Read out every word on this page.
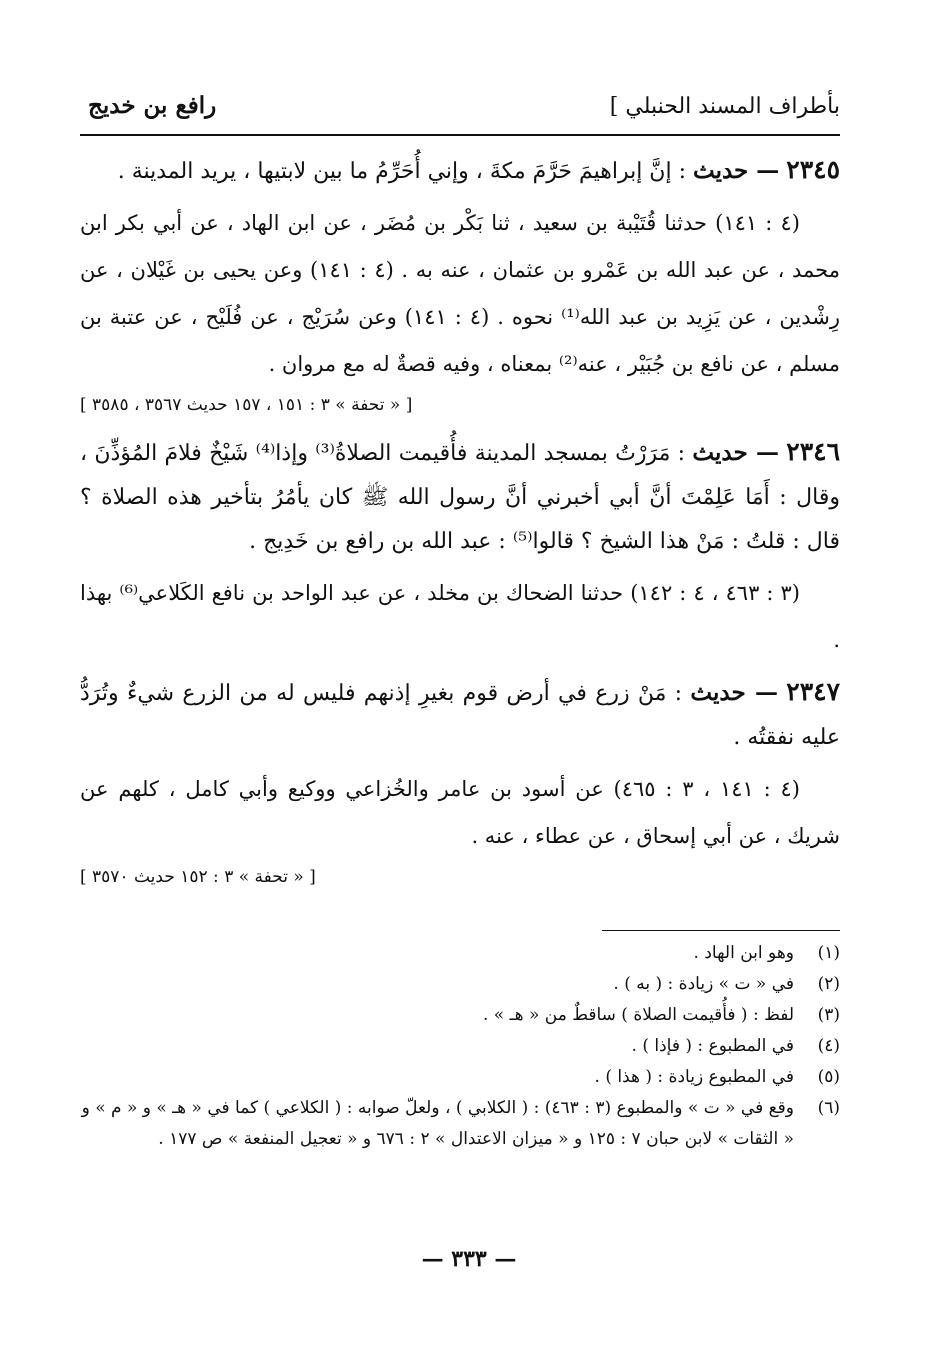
بأطراف المسند الحنبلي ]
رافع بن خديج

٢٣٤٥ — حديث : إنَّ إبراهيمَ حَرَّمَ مكةَ ، وإني أُحَرِّمُ ما بين لابتيها ، يريد المدينة .

(٤ : ١٤١) حدثنا قُتَيْبة بن سعيد ، ثنا بَكْر بن مُضَر ، عن ابن الهاد ، عن أبي بكر ابن محمد ، عن عبد الله بن عَمْرو بن عثمان ، عنه به . (٤ : ١٤١) وعن يحيى بن غَيْلان ، عن رِشْدين ، عن يَزِيد بن عبد الله⁽¹⁾ نحوه . (٤ : ١٤١) وعن سُرَيْج ، عن فُلَيْح ، عن عتبة بن مسلم ، عن نافع بن جُبَيْر ، عنه⁽²⁾ بمعناه ، وفيه قصةٌ له مع مروان .

[ « تحفة » ٣ : ١٥١ ، ١٥٧ حديث ٣٥٦٧ ، ٣٥٨٥ ]

٢٣٤٦ — حديث : مَرَرْتُ بمسجد المدينة فأُقيمت الصلاةُ⁽³⁾ وإذا⁽⁴⁾ شَيْخٌ فلامَ المُؤذِّنَ ، وقال : أَمَا عَلِمْتَ أنَّ أبي أخبرني أنَّ رسول الله ﷺ كان يأمُرُ بتأخير هذه الصلاة ؟ قال : قلتُ : مَنْ هذا الشيخ ؟ قالوا⁽⁵⁾ : عبد الله بن رافع بن خَدِيج .

(٣ : ٤٦٣ ، ٤ : ١٤٢) حدثنا الضحاك بن مخلد ، عن عبد الواحد بن نافع الكَلاعي⁽⁶⁾ بهذا .

٢٣٤٧ — حديث : مَنْ زرع في أرض قوم بغيرِ إذنهم فليس له من الزرع شيءٌ وتُرَدُّ عليه نفقتُه .

(٤ : ١٤١ ، ٣ : ٤٦٥) عن أسود بن عامر والخُزاعي ووكيع وأبي كامل ، كلهم عن شريك ، عن أبي إسحاق ، عن عطاء ، عنه .

[ « تحفة » ٣ : ١٥٢ حديث ٣٥٧٠ ]

(١)
وهو ابن الهاد .
(٢)
في « ت » زيادة : ( به ) .
(٣)
لفظ : ( فأُقيمت الصلاة ) ساقطٌ من « هـ » .
(٤)
في المطبوع : ( فإذا ) .
(٥)
في المطبوع زيادة : ( هذا ) .
(٦)
وقع في « ت » والمطبوع (٣ : ٤٦٣) : ( الكلابي ) ، ولعلّ صوابه : ( الكلاعي ) كما في « هـ » و « م » و « الثقات » لابن حبان ٧ : ١٢٥ و « ميزان الاعتدال » ٢ : ٦٧٦ و « تعجيل المنفعة » ص ١٧٧ .
— ٣٣٣ —
